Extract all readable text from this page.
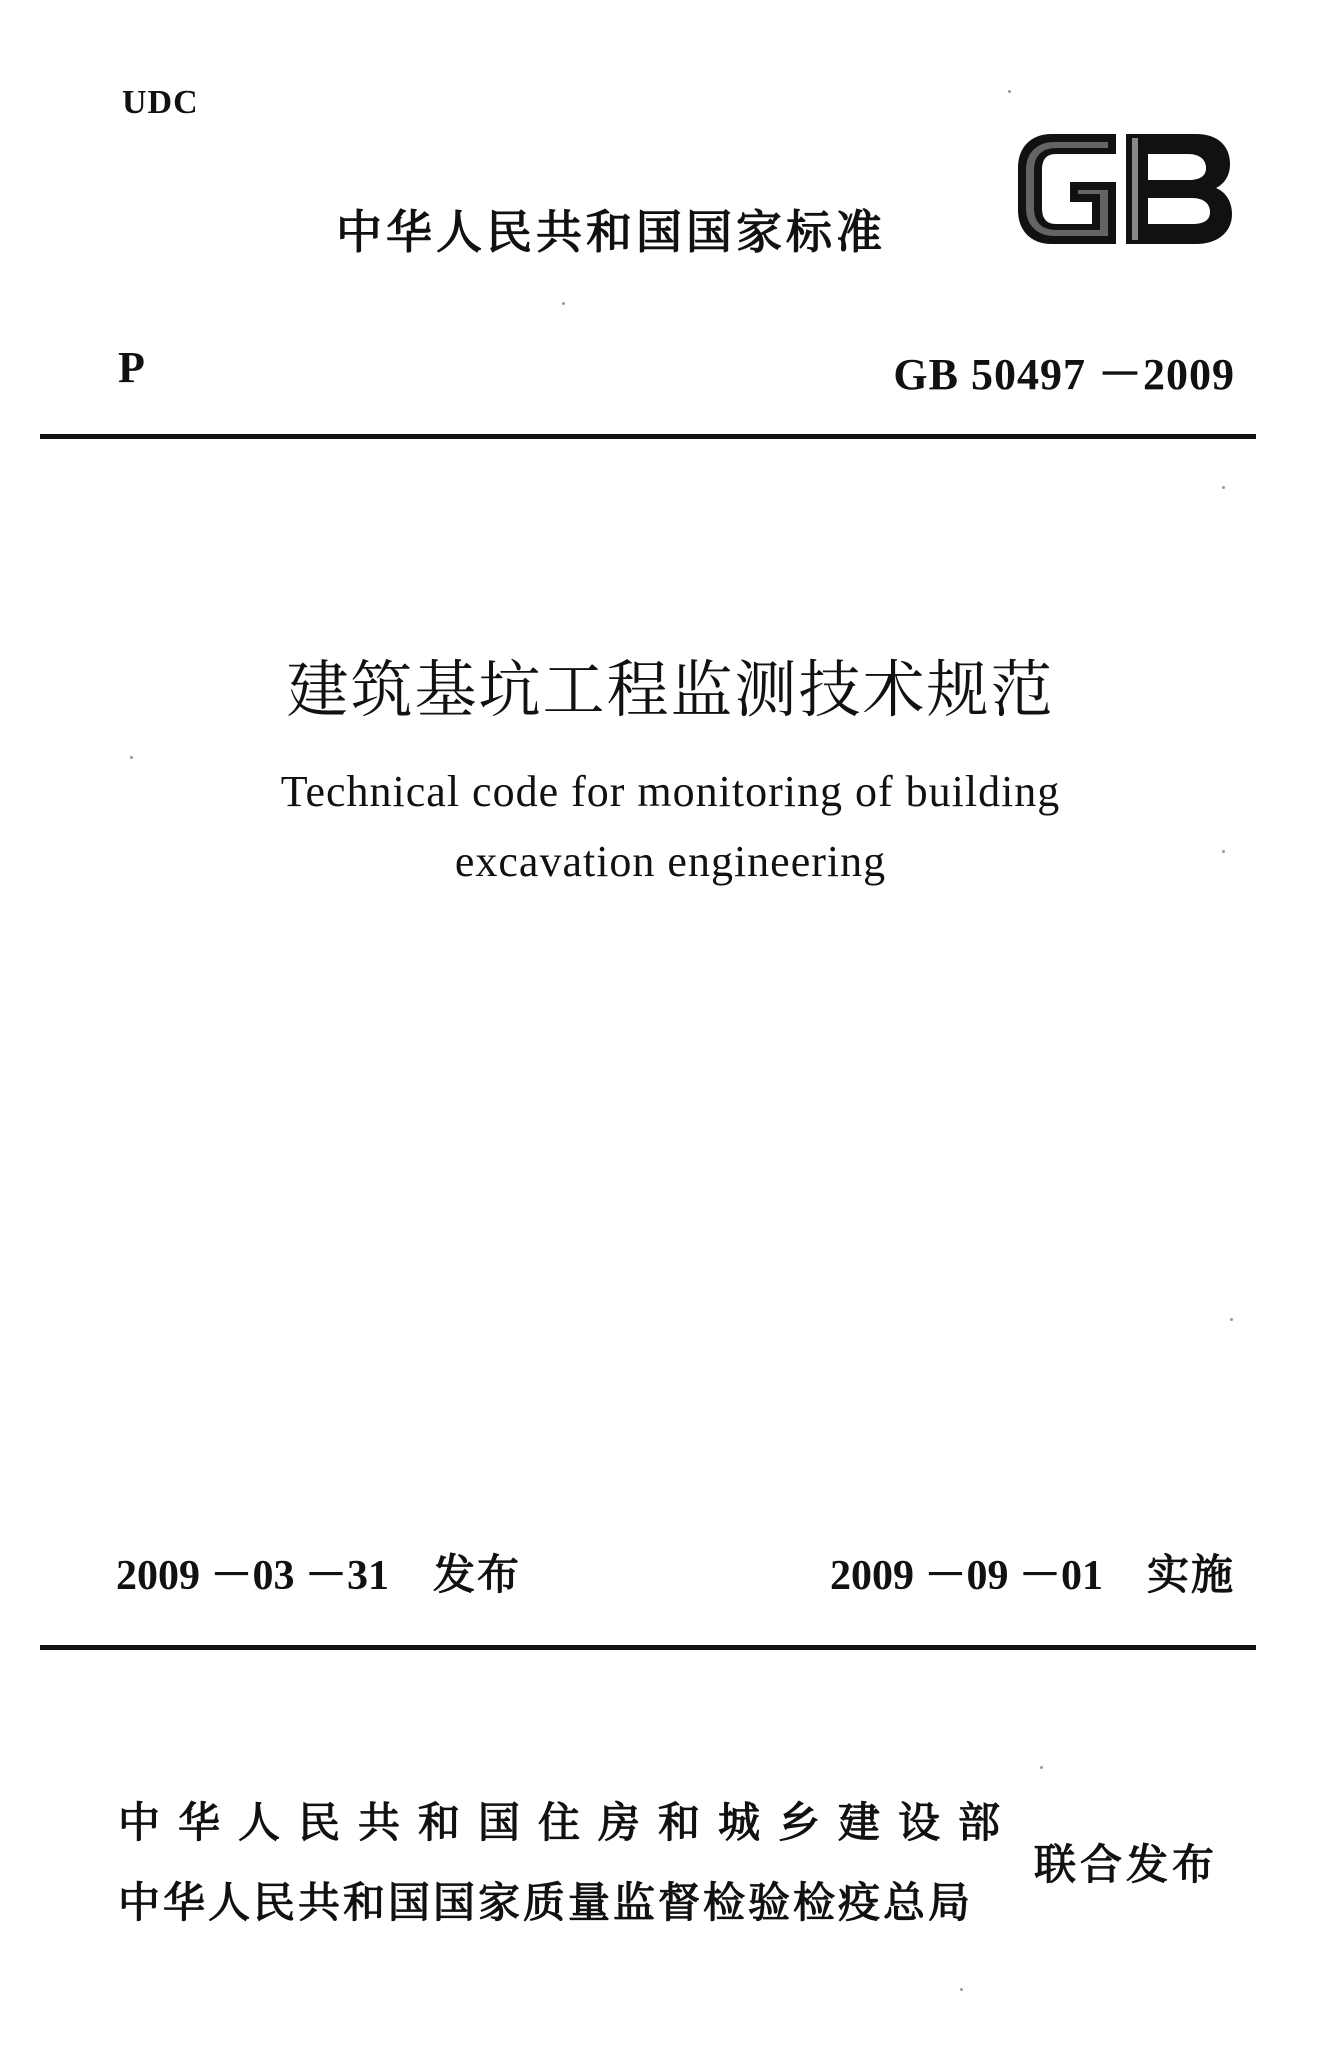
UDC
中华人民共和国国家标准
P	GB 50497 －2009
建筑基坑工程监测技术规范
Technical code for monitoring of building
excavation engineering
2009 －03 －31 发布	2009 －09 －01 实施
中华人民共和国住房和城乡建设部
中华人民共和国国家质量监督检验检疫总局
联合发布
